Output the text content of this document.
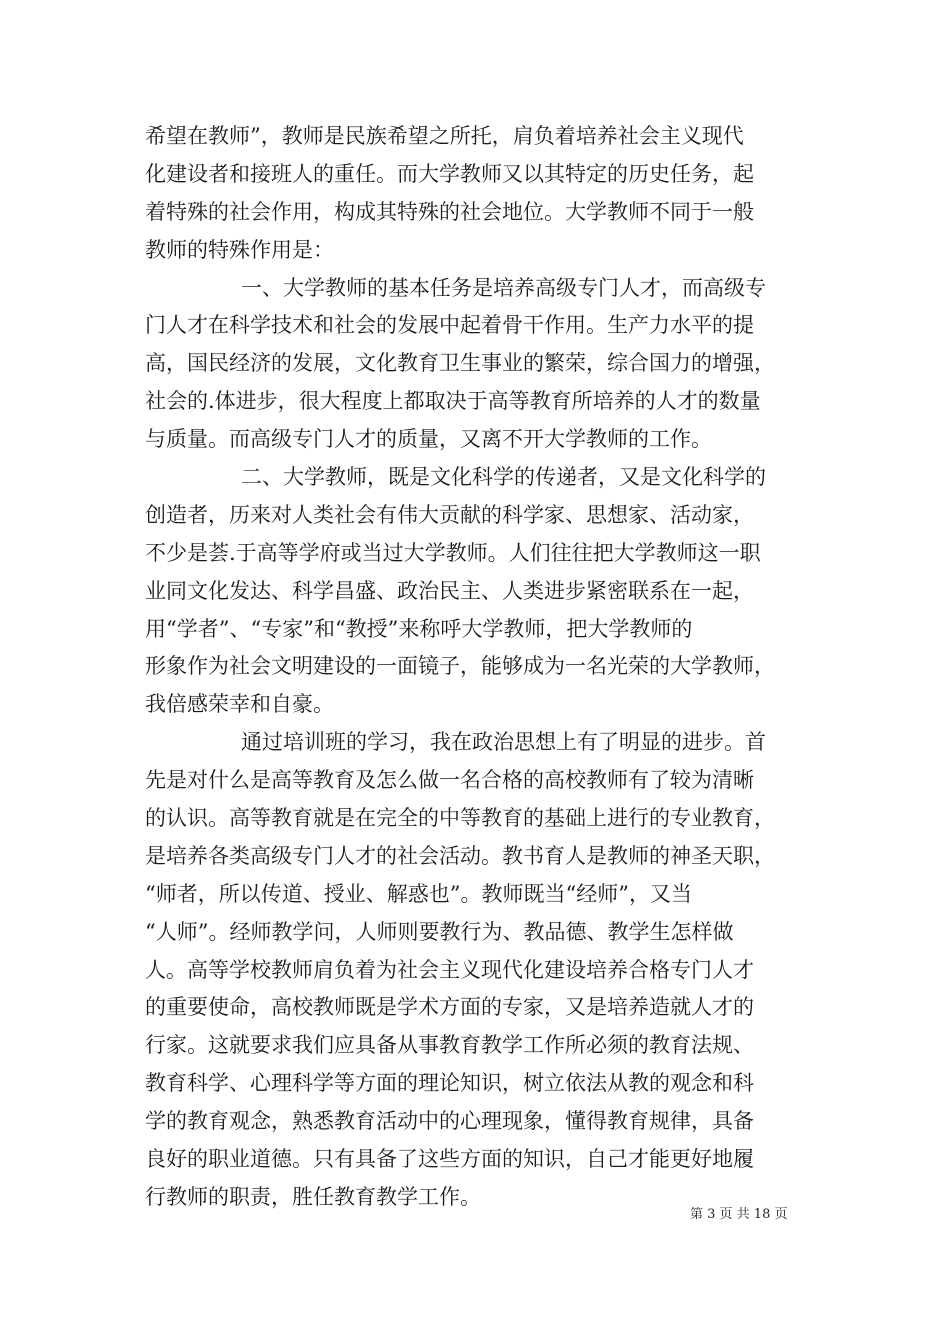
希望在教师”，教师是民族希望之所托，肩负着培养社会主义现代
化建设者和接班人的重任。而大学教师又以其特定的历史任务，起
着特殊的社会作用，构成其特殊的社会地位。大学教师不同于一般
教师的特殊作用是：
一、大学教师的基本任务是培养高级专门人才，而高级专
门人才在科学技术和社会的发展中起着骨干作用。生产力水平的提
高，国民经济的发展，文化教育卫生事业的繁荣，综合国力的增强，
社会的.体进步，很大程度上都取决于高等教育所培养的人才的数量
与质量。而高级专门人才的质量，又离不开大学教师的工作。
二、大学教师，既是文化科学的传递者，又是文化科学的
创造者，历来对人类社会有伟大贡献的科学家、思想家、活动家，
不少是荟.于高等学府或当过大学教师。人们往往把大学教师这一职
业同文化发达、科学昌盛、政治民主、人类进步紧密联系在一起，
用“学者”、“专家”和“教授”来称呼大学教师，把大学教师的
形象作为社会文明建设的一面镜子，能够成为一名光荣的大学教师，
我倍感荣幸和自豪。
通过培训班的学习，我在政治思想上有了明显的进步。首
先是对什么是高等教育及怎么做一名合格的高校教师有了较为清晰
的认识。高等教育就是在完全的中等教育的基础上进行的专业教育，
是培养各类高级专门人才的社会活动。教书育人是教师的神圣天职，
“师者，所以传道、授业、解惑也”。教师既当“经师”，又当
“人师”。经师教学问，人师则要教行为、教品德、教学生怎样做
人。高等学校教师肩负着为社会主义现代化建设培养合格专门人才
的重要使命，高校教师既是学术方面的专家，又是培养造就人才的
行家。这就要求我们应具备从事教育教学工作所必须的教育法规、
教育科学、心理科学等方面的理论知识，树立依法从教的观念和科
学的教育观念，熟悉教育活动中的心理现象，懂得教育规律，具备
良好的职业道德。只有具备了这些方面的知识，自己才能更好地履
行教师的职责，胜任教育教学工作。
第 3 页 共 18 页
